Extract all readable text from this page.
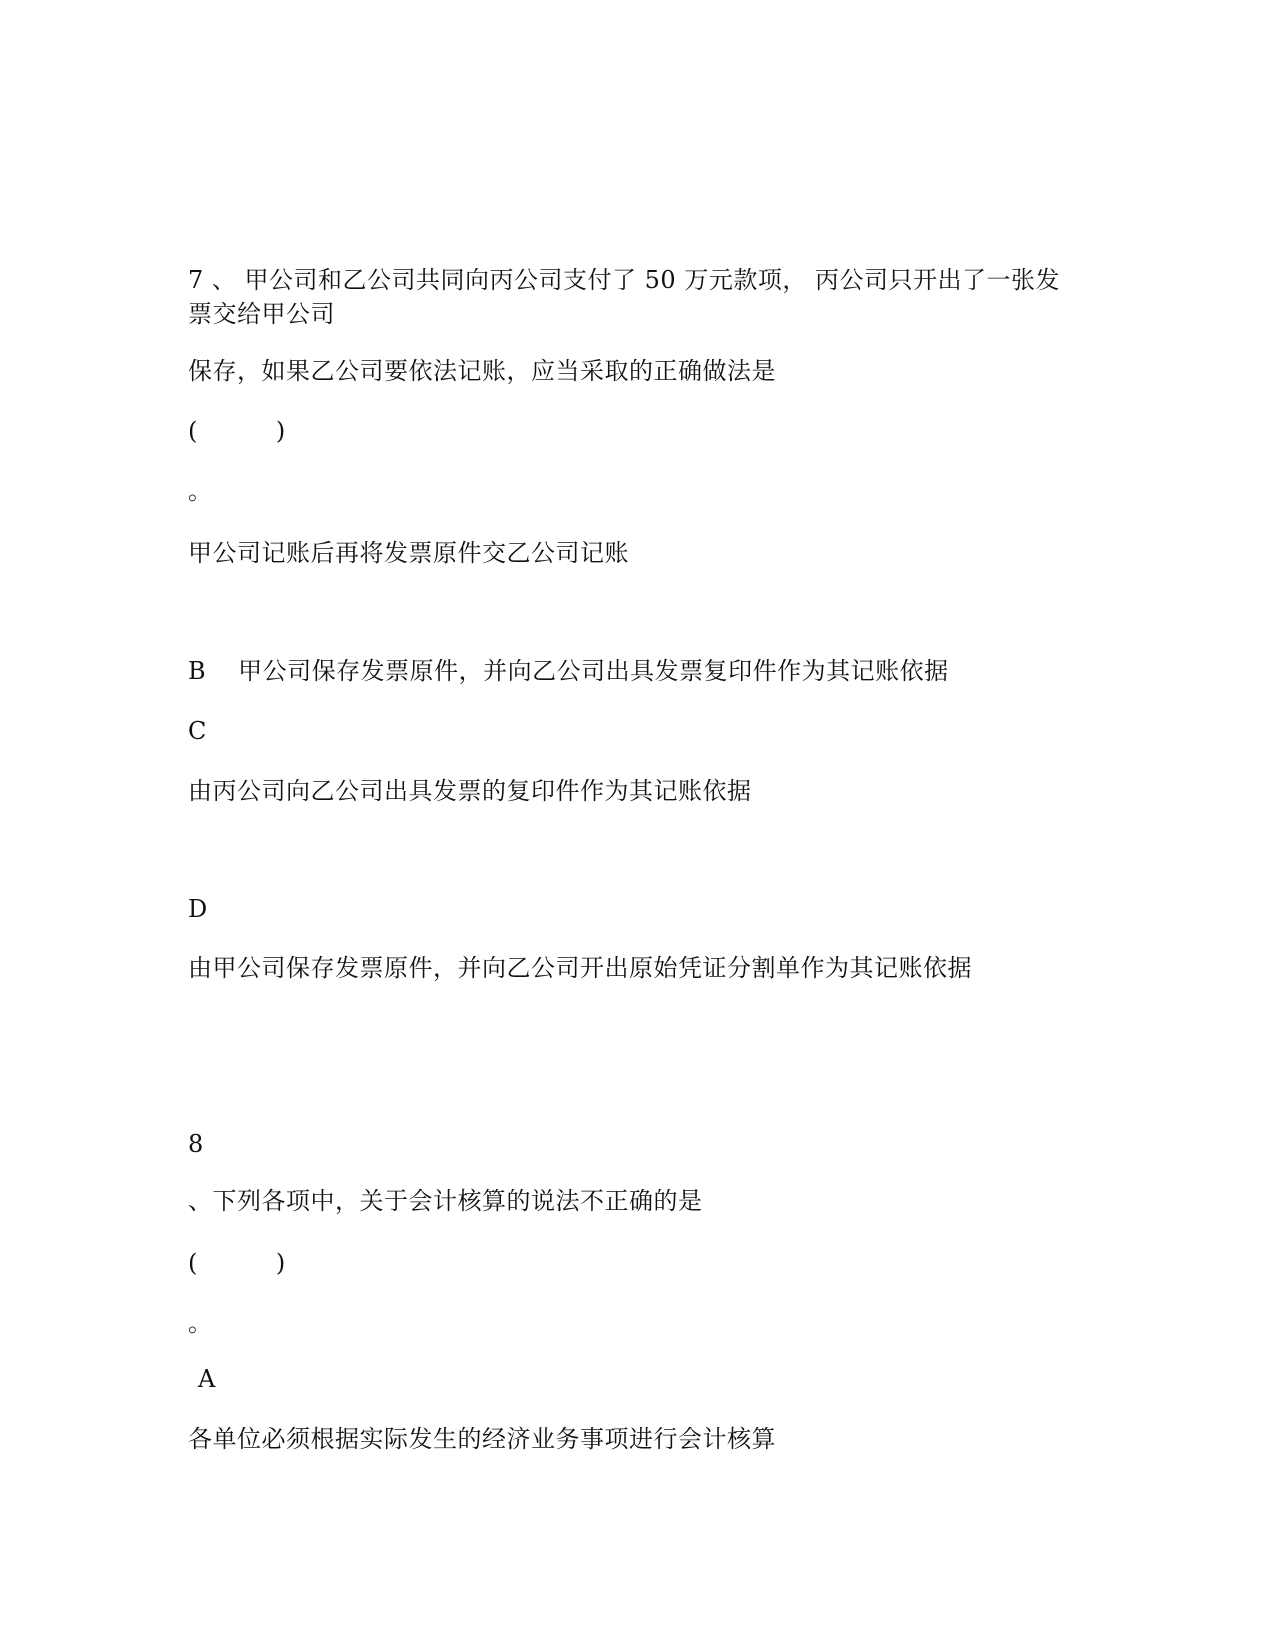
7 、 甲公司和乙公司共同向丙公司支付了 50 万元款项， 丙公司只开出了一张发
票交给甲公司
保存，如果乙公司要依法记账，应当采取的正确做法是
(	)
。
甲公司记账后再将发票原件交乙公司记账
B 甲公司保存发票原件，并向乙公司出具发票复印件作为其记账依据
C
由丙公司向乙公司出具发票的复印件作为其记账依据
D
由甲公司保存发票原件，并向乙公司开出原始凭证分割单作为其记账依据
8
、下列各项中，关于会计核算的说法不正确的是
(	)
。
A
各单位必须根据实际发生的经济业务事项进行会计核算
